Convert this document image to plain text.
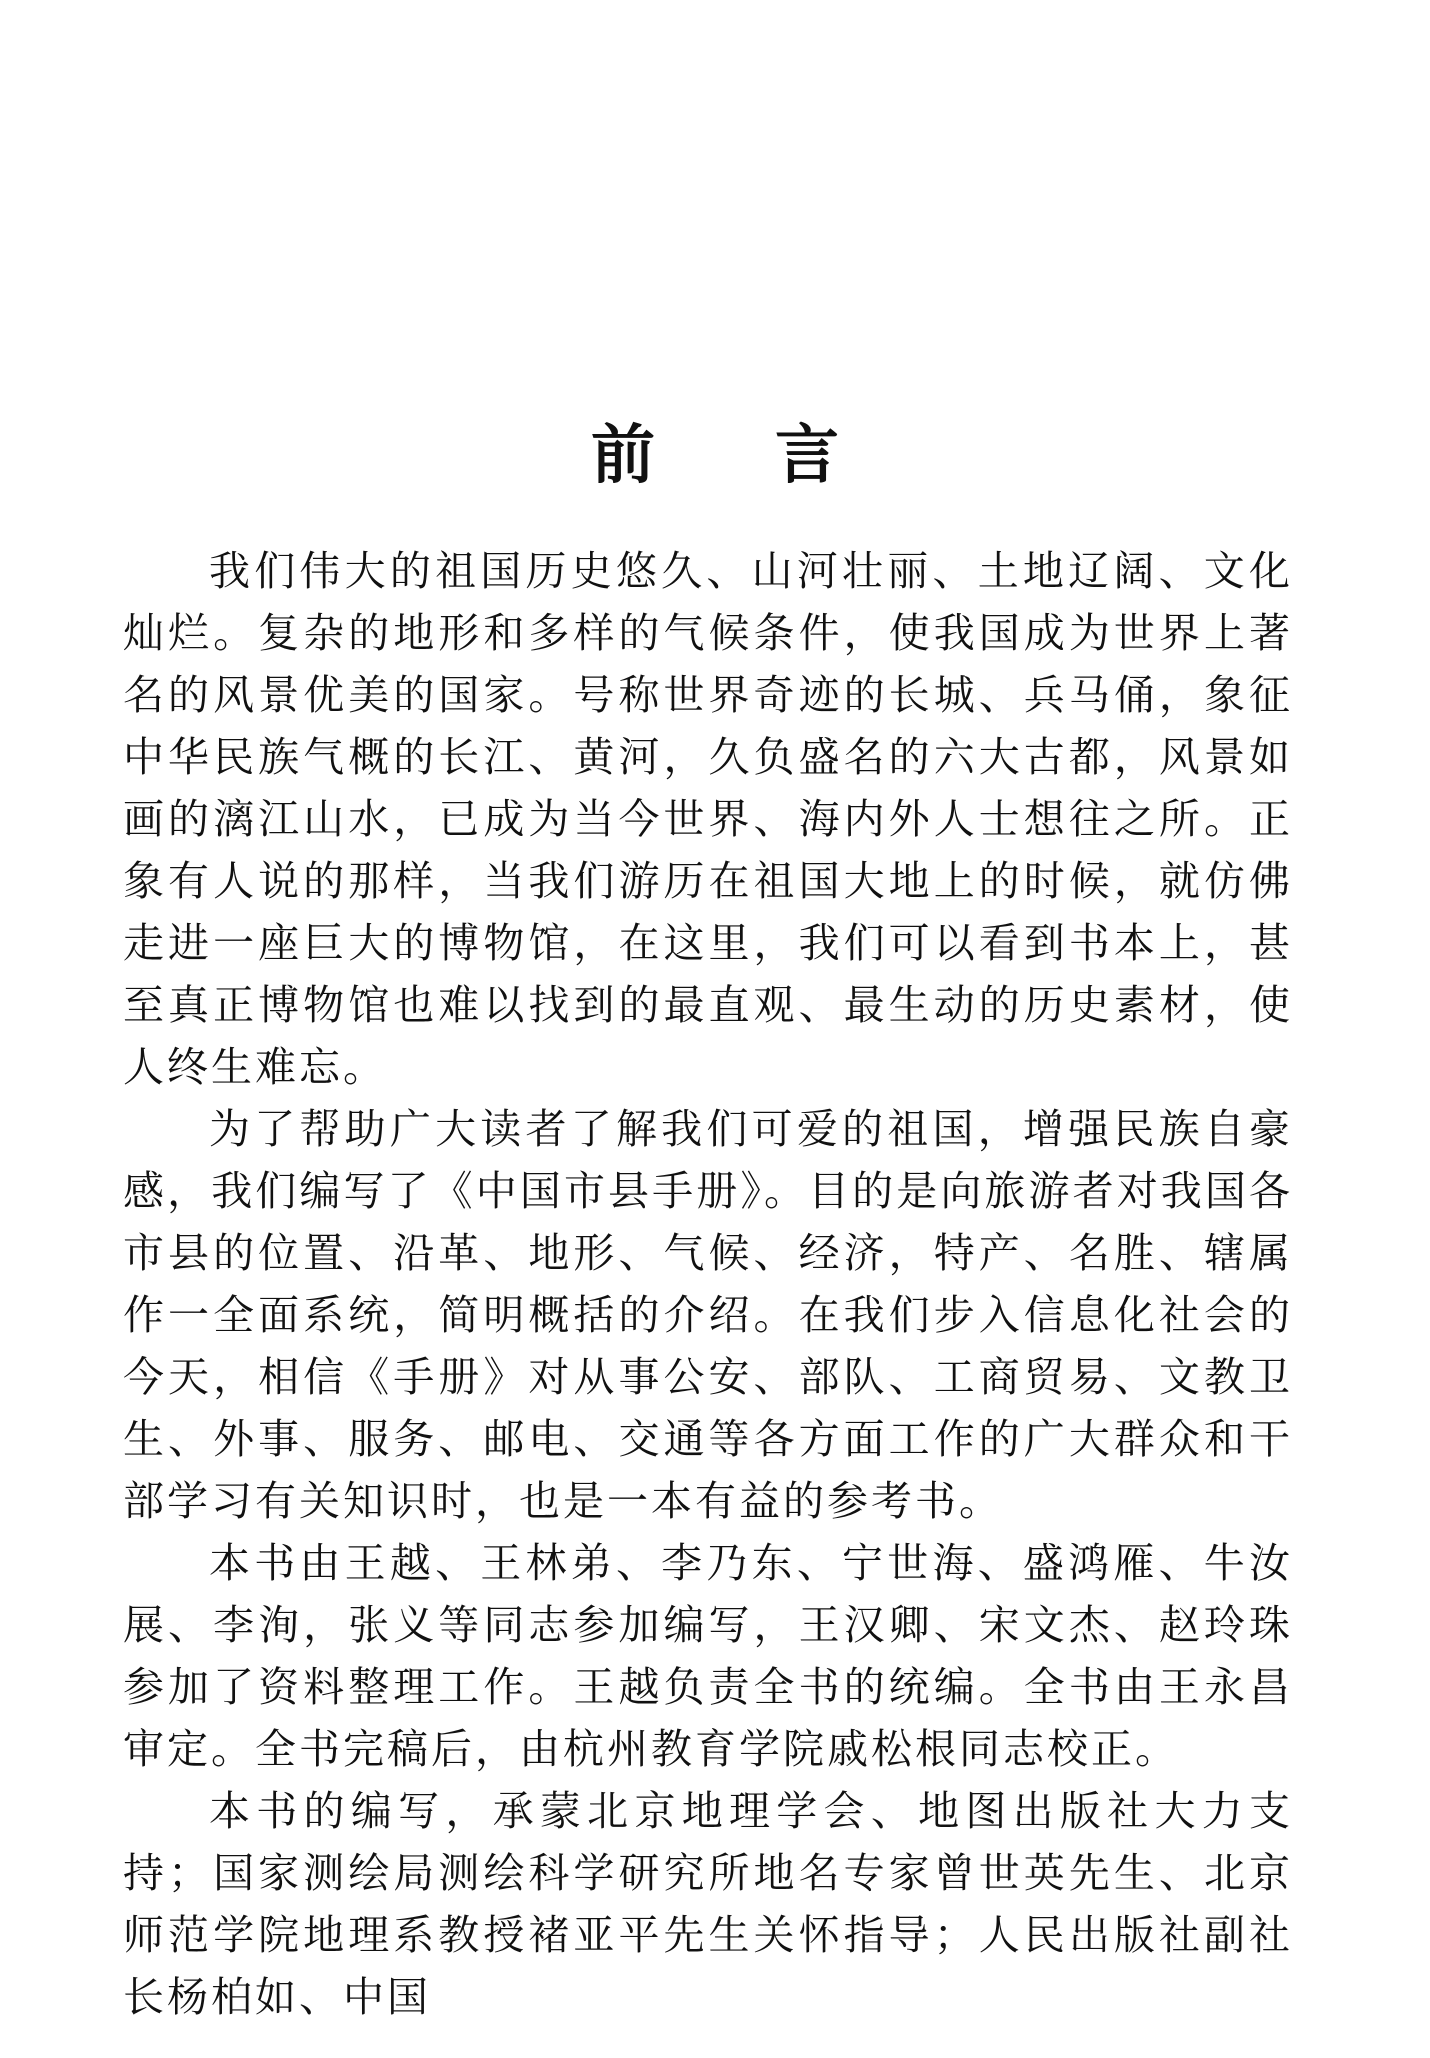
前言

我们伟大的祖国历史悠久、山河壮丽、土地辽阔、文化灿烂。复杂的地形和多样的气候条件，使我国成为世界上著名的风景优美的国家。号称世界奇迹的长城、兵马俑，象征中华民族气概的长江、黄河，久负盛名的六大古都，风景如画的漓江山水，已成为当今世界、海内外人士想往之所。正象有人说的那样，当我们游历在祖国大地上的时候，就仿佛走进一座巨大的博物馆，在这里，我们可以看到书本上，甚至真正博物馆也难以找到的最直观、最生动的历史素材，使人终生难忘。

为了帮助广大读者了解我们可爱的祖国，增强民族自豪感，我们编写了《中国市县手册》。目的是向旅游者对我国各市县的位置、沿革、地形、气候、经济，特产、名胜、辖属作一全面系统，简明概括的介绍。在我们步入信息化社会的今天，相信《手册》对从事公安、部队、工商贸易、文教卫生、外事、服务、邮电、交通等各方面工作的广大群众和干部学习有关知识时，也是一本有益的参考书。

本书由王越、王林弟、李乃东、宁世海、盛鸿雁、牛汝展、李洵，张义等同志参加编写，王汉卿、宋文杰、赵玲珠参加了资料整理工作。王越负责全书的统编。全书由王永昌审定。全书完稿后，由杭州教育学院戚松根同志校正。

本书的编写，承蒙北京地理学会、地图出版社大力支持；国家测绘局测绘科学研究所地名专家曾世英先生、北京师范学院地理系教授褚亚平先生关怀指导；人民出版社副社长杨柏如、中国
